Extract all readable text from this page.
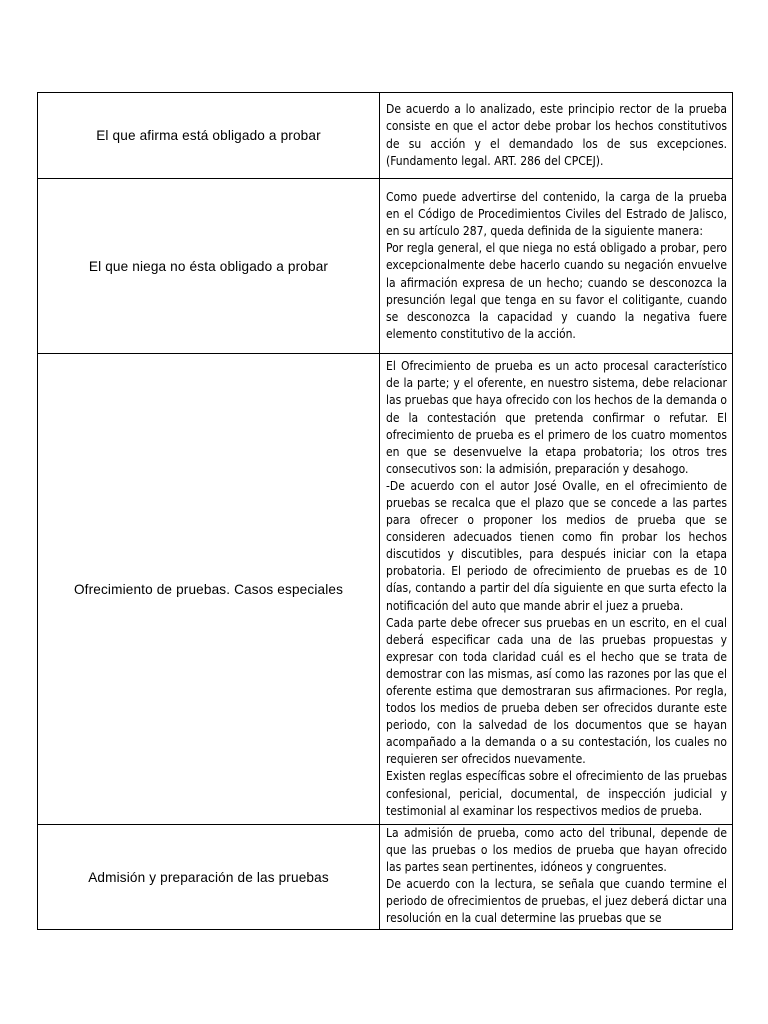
El que afirma está obligado a probar	De acuerdo a lo analizado, este principio rector de la prueba consiste en que el actor debe probar los hechos constitutivos de su acción y el demandado los de sus excepciones. (Fundamento legal. ART. 286 del CPCEJ).

El que niega no ésta obligado a probar	Como puede advertirse del contenido, la carga de la prueba en el Código de Procedimientos Civiles del Estrado de Jalisco, en su artículo 287, queda definida de la siguiente manera:

Por regla general, el que niega no está obligado a probar, pero excepcionalmente debe hacerlo cuando su negación envuelve la afirmación expresa de un hecho; cuando se desconozca la presunción legal que tenga en su favor el colitigante, cuando se desconozca la capacidad y cuando la negativa fuere elemento constitutivo de la acción.

Ofrecimiento de pruebas. Casos especiales	El Ofrecimiento de prueba es un acto procesal característico de la parte; y el oferente, en nuestro sistema, debe relacionar las pruebas que haya ofrecido con los hechos de la demanda o de la contestación que pretenda confirmar o refutar. El ofrecimiento de prueba es el primero de los cuatro momentos en que se desenvuelve la etapa probatoria; los otros tres consecutivos son: la admisión, preparación y desahogo.

-De acuerdo con el autor José Ovalle, en el ofrecimiento de pruebas se recalca que el plazo que se concede a las partes para ofrecer o proponer los medios de prueba que se consideren adecuados tienen como fin probar los hechos discutidos y discutibles, para después iniciar con la etapa probatoria. El periodo de ofrecimiento de pruebas es de 10 días, contando a partir del día siguiente en que surta efecto la notificación del auto que mande abrir el juez a prueba.

Cada parte debe ofrecer sus pruebas en un escrito, en el cual deberá especificar cada una de las pruebas propuestas y expresar con toda claridad cuál es el hecho que se trata de demostrar con las mismas, así como las razones por las que el oferente estima que demostraran sus afirmaciones. Por regla, todos los medios de prueba deben ser ofrecidos durante este periodo, con la salvedad de los documentos que se hayan acompañado a la demanda o a su contestación, los cuales no requieren ser ofrecidos nuevamente.

Existen reglas específicas sobre el ofrecimiento de las pruebas confesional, pericial, documental, de inspección judicial y testimonial al examinar los respectivos medios de prueba.

Admisión y preparación de las pruebas	La admisión de prueba, como acto del tribunal, depende de que las pruebas o los medios de prueba que hayan ofrecido las partes sean pertinentes, idóneos y congruentes.

De acuerdo con la lectura, se señala que cuando termine el periodo de ofrecimientos de pruebas, el juez deberá dictar una resolución en la cual determine las pruebas que se
